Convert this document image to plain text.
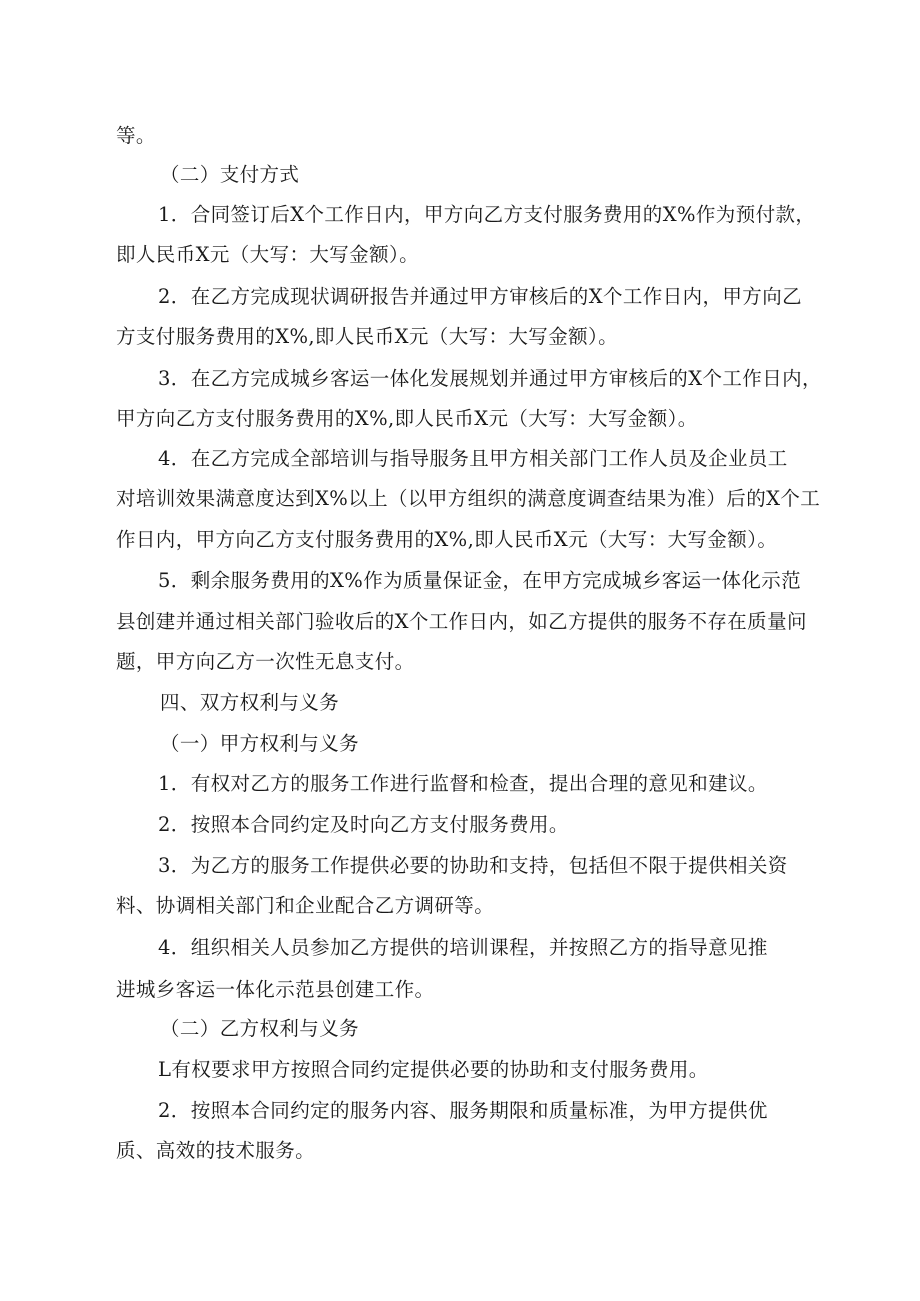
等。
（二）支付方式
1．合同签订后X个工作日内，甲方向乙方支付服务费用的X%作为预付款，
即人民币X元（大写：大写金额）。
2．在乙方完成现状调研报告并通过甲方审核后的X个工作日内，甲方向乙
方支付服务费用的X%,即人民币X元（大写：大写金额）。
3．在乙方完成城乡客运一体化发展规划并通过甲方审核后的X个工作日内，
甲方向乙方支付服务费用的X%,即人民币X元（大写：大写金额）。
4．在乙方完成全部培训与指导服务且甲方相关部门工作人员及企业员工
对培训效果满意度达到X%以上（以甲方组织的满意度调查结果为准）后的X个工
作日内，甲方向乙方支付服务费用的X%,即人民币X元（大写：大写金额）。
5．剩余服务费用的X%作为质量保证金，在甲方完成城乡客运一体化示范
县创建并通过相关部门验收后的X个工作日内，如乙方提供的服务不存在质量问
题，甲方向乙方一次性无息支付。
四、双方权利与义务
（一）甲方权利与义务
1．有权对乙方的服务工作进行监督和检查，提出合理的意见和建议。
2．按照本合同约定及时向乙方支付服务费用。
3．为乙方的服务工作提供必要的协助和支持，包括但不限于提供相关资
料、协调相关部门和企业配合乙方调研等。
4．组织相关人员参加乙方提供的培训课程，并按照乙方的指导意见推
进城乡客运一体化示范县创建工作。
（二）乙方权利与义务
L有权要求甲方按照合同约定提供必要的协助和支付服务费用。
2．按照本合同约定的服务内容、服务期限和质量标准，为甲方提供优
质、高效的技术服务。
